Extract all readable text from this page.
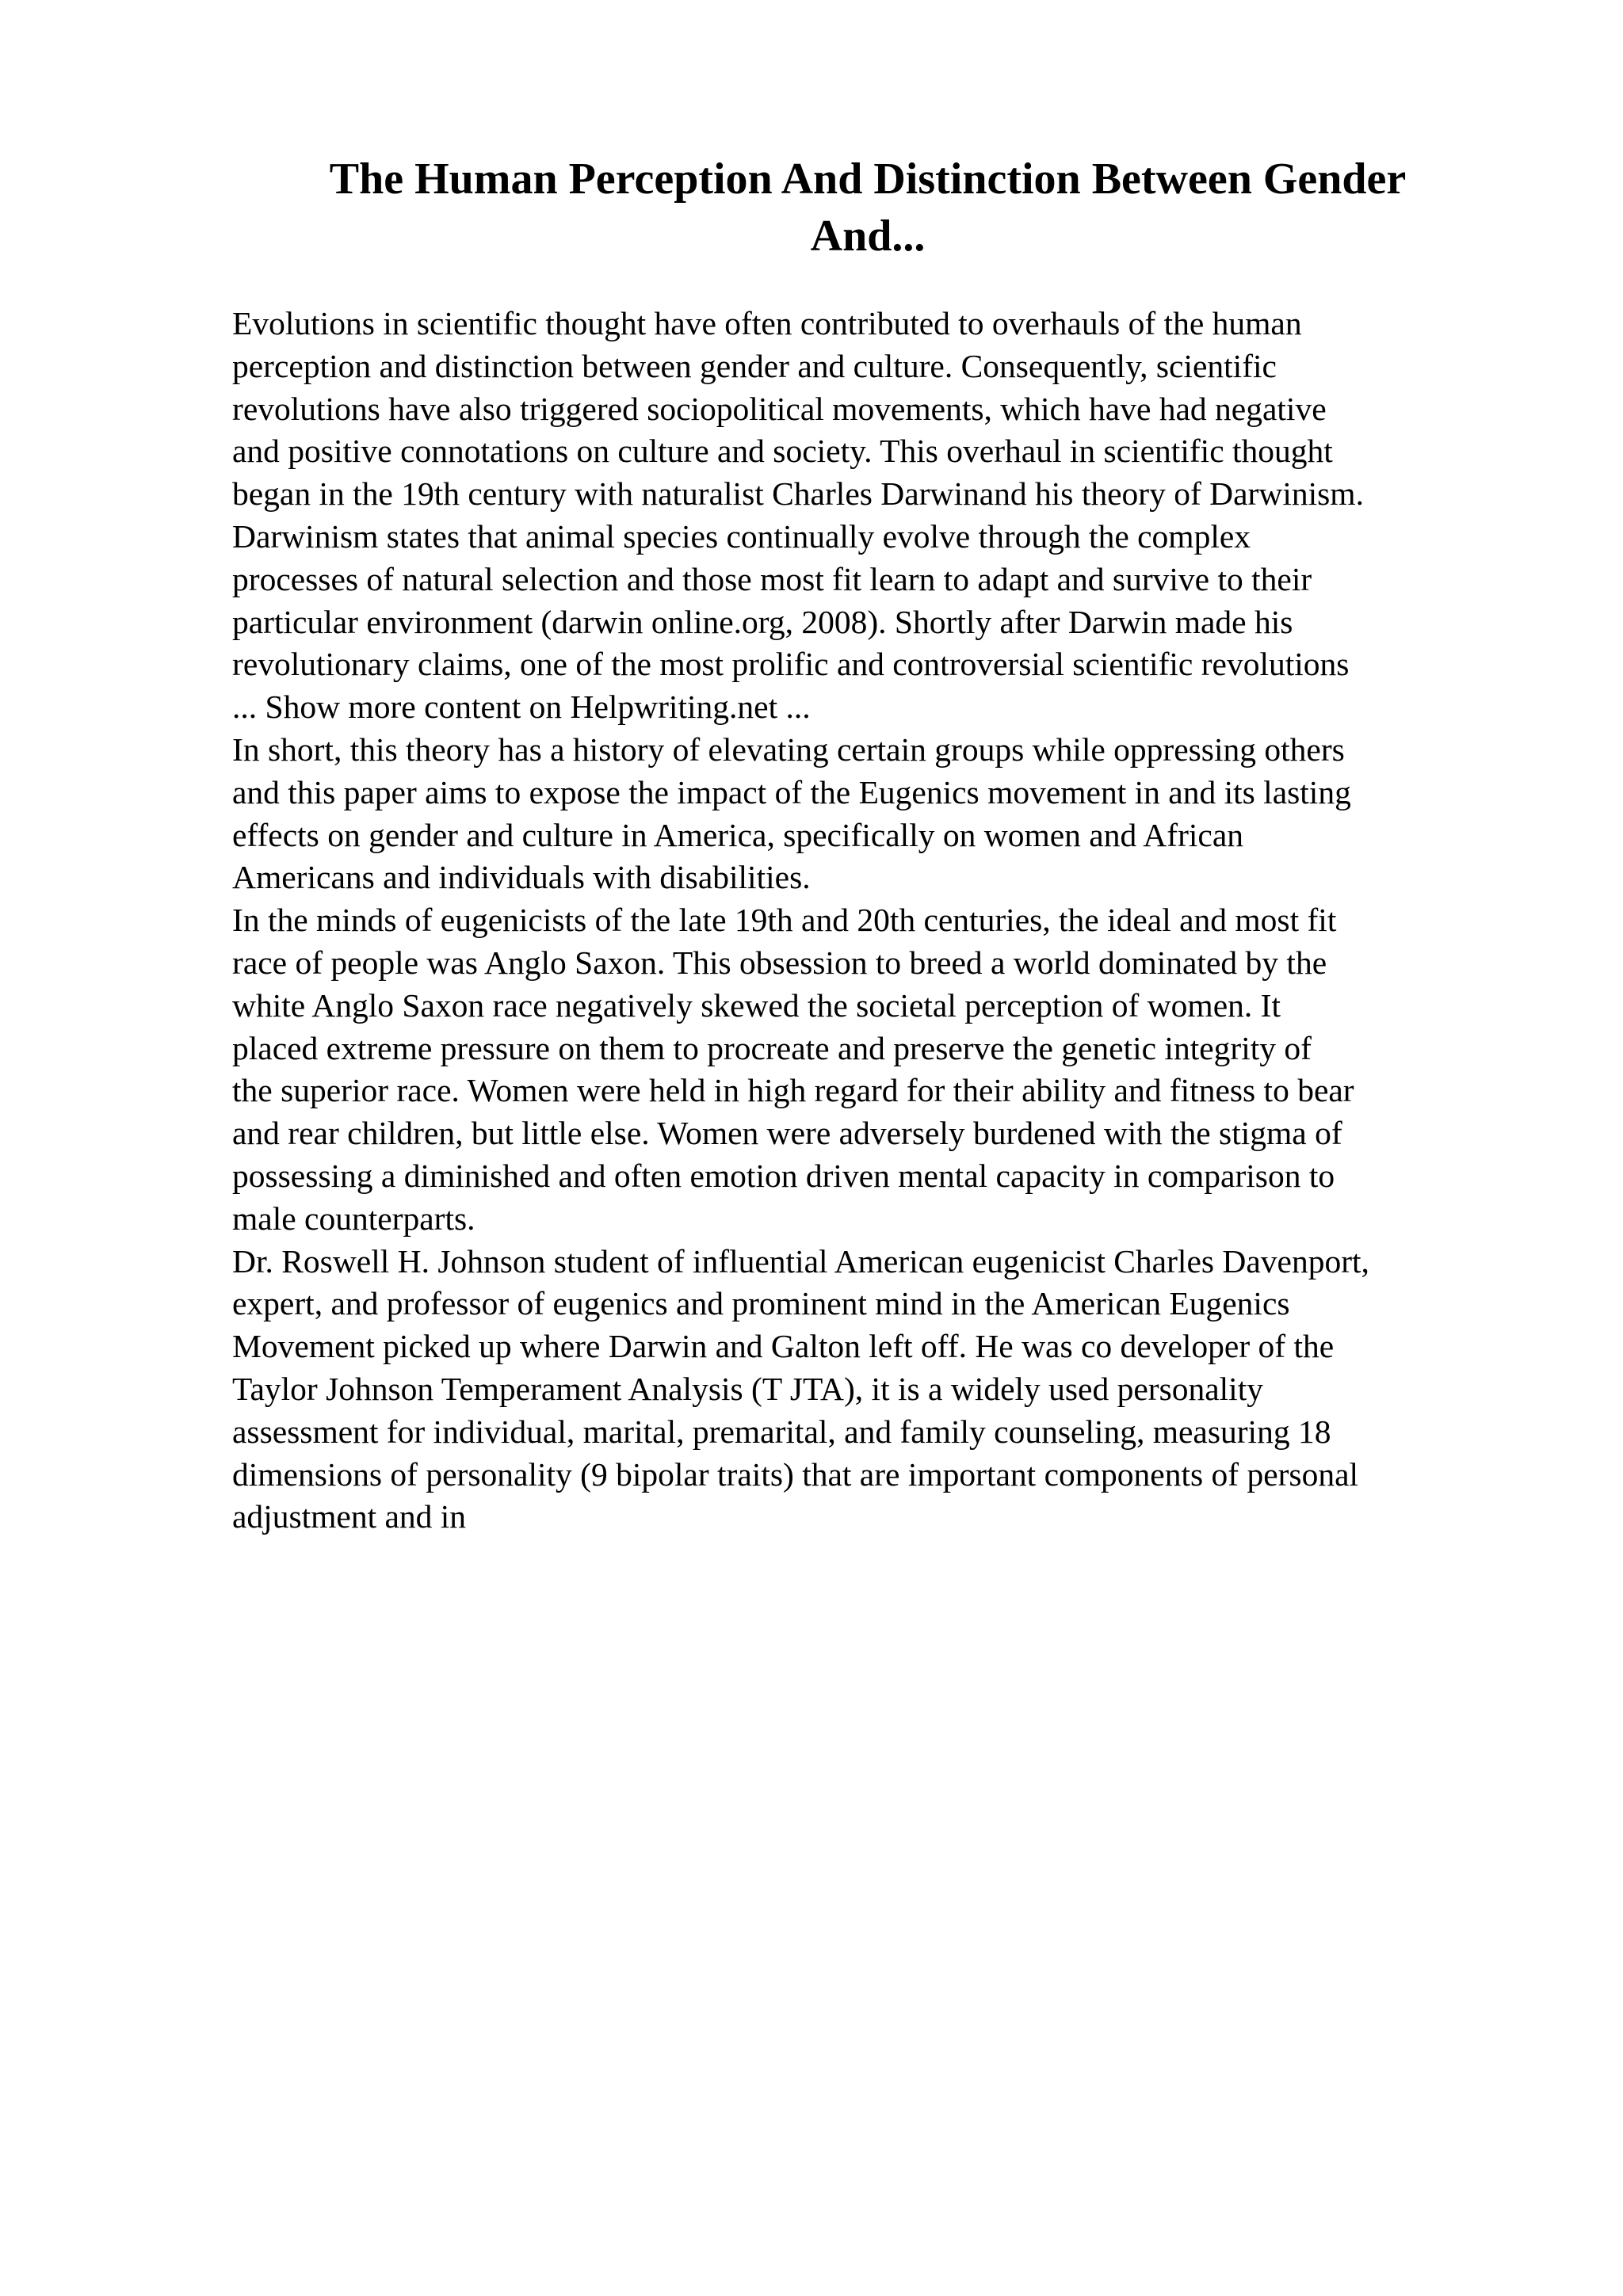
The Human Perception And Distinction Between Gender
And...

Evolutions in scientific thought have often contributed to overhauls of the human
perception and distinction between gender and culture. Consequently, scientific
revolutions have also triggered sociopolitical movements, which have had negative
and positive connotations on culture and society. This overhaul in scientific thought
began in the 19th century with naturalist Charles Darwinand his theory of Darwinism.
Darwinism states that animal species continually evolve through the complex
processes of natural selection and those most fit learn to adapt and survive to their
particular environment (darwin online.org, 2008). Shortly after Darwin made his
revolutionary claims, one of the most prolific and controversial scientific revolutions
... Show more content on Helpwriting.net ...

In short, this theory has a history of elevating certain groups while oppressing others
and this paper aims to expose the impact of the Eugenics movement in and its lasting
effects on gender and culture in America, specifically on women and African
Americans and individuals with disabilities.

In the minds of eugenicists of the late 19th and 20th centuries, the ideal and most fit
race of people was Anglo Saxon. This obsession to breed a world dominated by the
white Anglo Saxon race negatively skewed the societal perception of women. It
placed extreme pressure on them to procreate and preserve the genetic integrity of
the superior race. Women were held in high regard for their ability and fitness to bear
and rear children, but little else. Women were adversely burdened with the stigma of
possessing a diminished and often emotion driven mental capacity in comparison to
male counterparts.

Dr. Roswell H. Johnson student of influential American eugenicist Charles Davenport,
expert, and professor of eugenics and prominent mind in the American Eugenics
Movement picked up where Darwin and Galton left off. He was co developer of the
Taylor Johnson Temperament Analysis (T JTA), it is a widely used personality
assessment for individual, marital, premarital, and family counseling, measuring 18
dimensions of personality (9 bipolar traits) that are important components of personal
adjustment and in
